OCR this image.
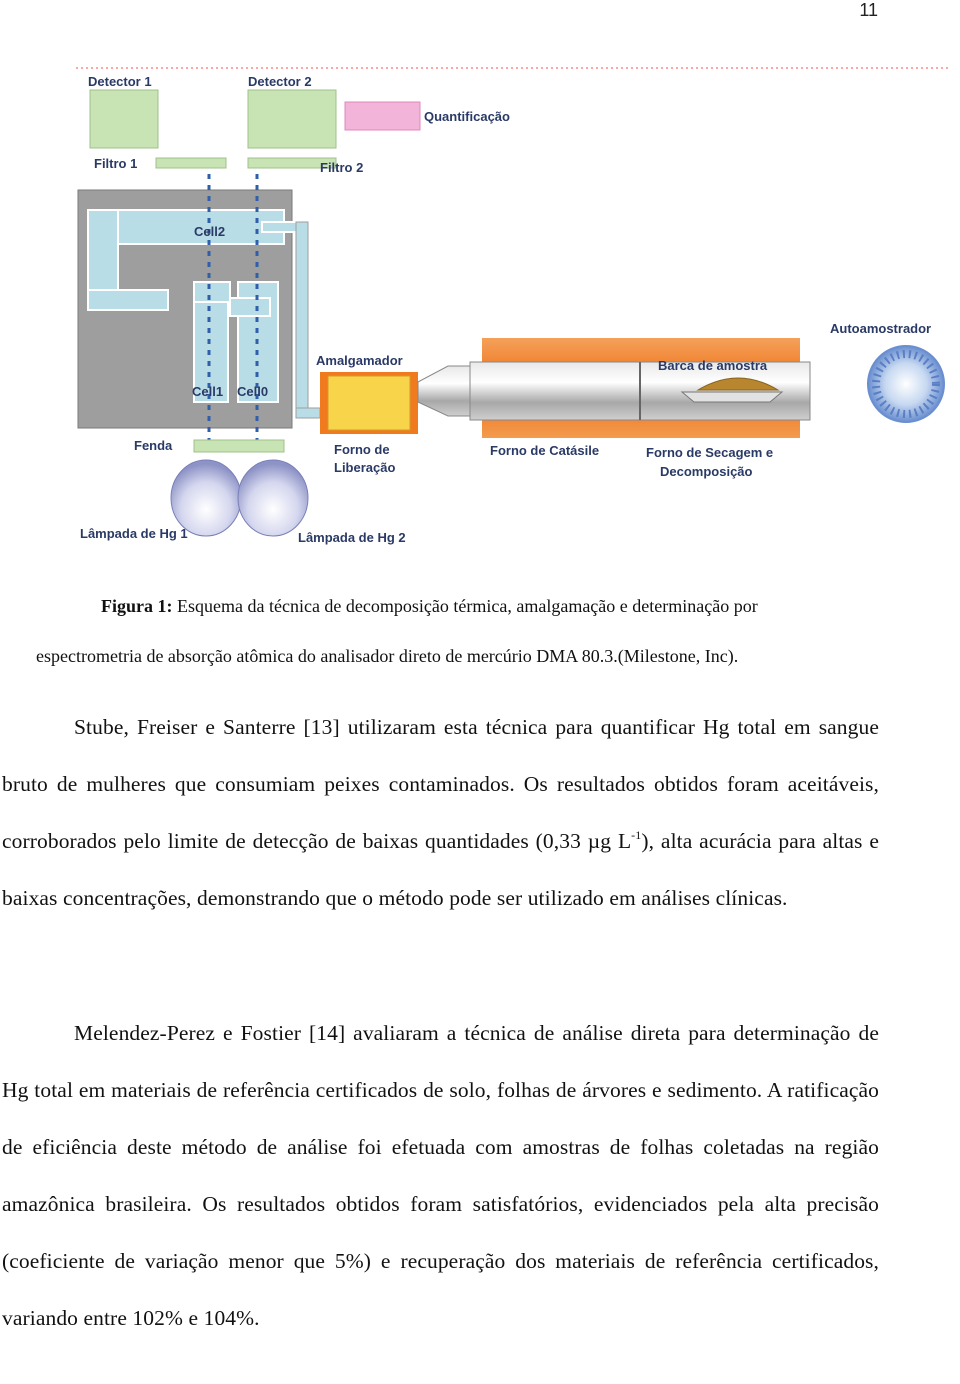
11
Detector 1	Detector 2
Quantificação
Filtro 1	Filtro 2
Cell2
Cell1 Cell0
Fenda
Lâmpada de Hg 1	Lâmpada de Hg 2
Amalgamador
Forno de
Liberação
Barca de amostra
Forno de Catásile	Forno de Secagem e
Decomposição
Autoamostrador
Figura 1: Esquema da técnica de decomposição térmica, amalgamação e determinação por
espectrometria de absorção atômica do analisador direto de mercúrio DMA 80.3.(Milestone, Inc).

Stube, Freiser e Santerre [13] utilizaram esta técnica para quantificar Hg total em sangue bruto de mulheres que consumiam peixes contaminados. Os resultados obtidos foram aceitáveis, corroborados pelo limite de detecção de baixas quantidades (0,33 µg $L^{-1}$), alta acurácia para altas e baixas concentrações, demonstrando que o método pode ser utilizado em análises clínicas.

Melendez-Perez e Fostier [14] avaliaram a técnica de análise direta para determinação de Hg total em materiais de referência certificados de solo, folhas de árvores e sedimento. A ratificação de eficiência deste método de análise foi efetuada com amostras de folhas coletadas na região amazônica brasileira. Os resultados obtidos foram satisfatórios, evidenciados pela alta precisão (coeficiente de variação menor que 5%) e recuperação dos materiais de referência certificados, variando entre 102% e 104%.
